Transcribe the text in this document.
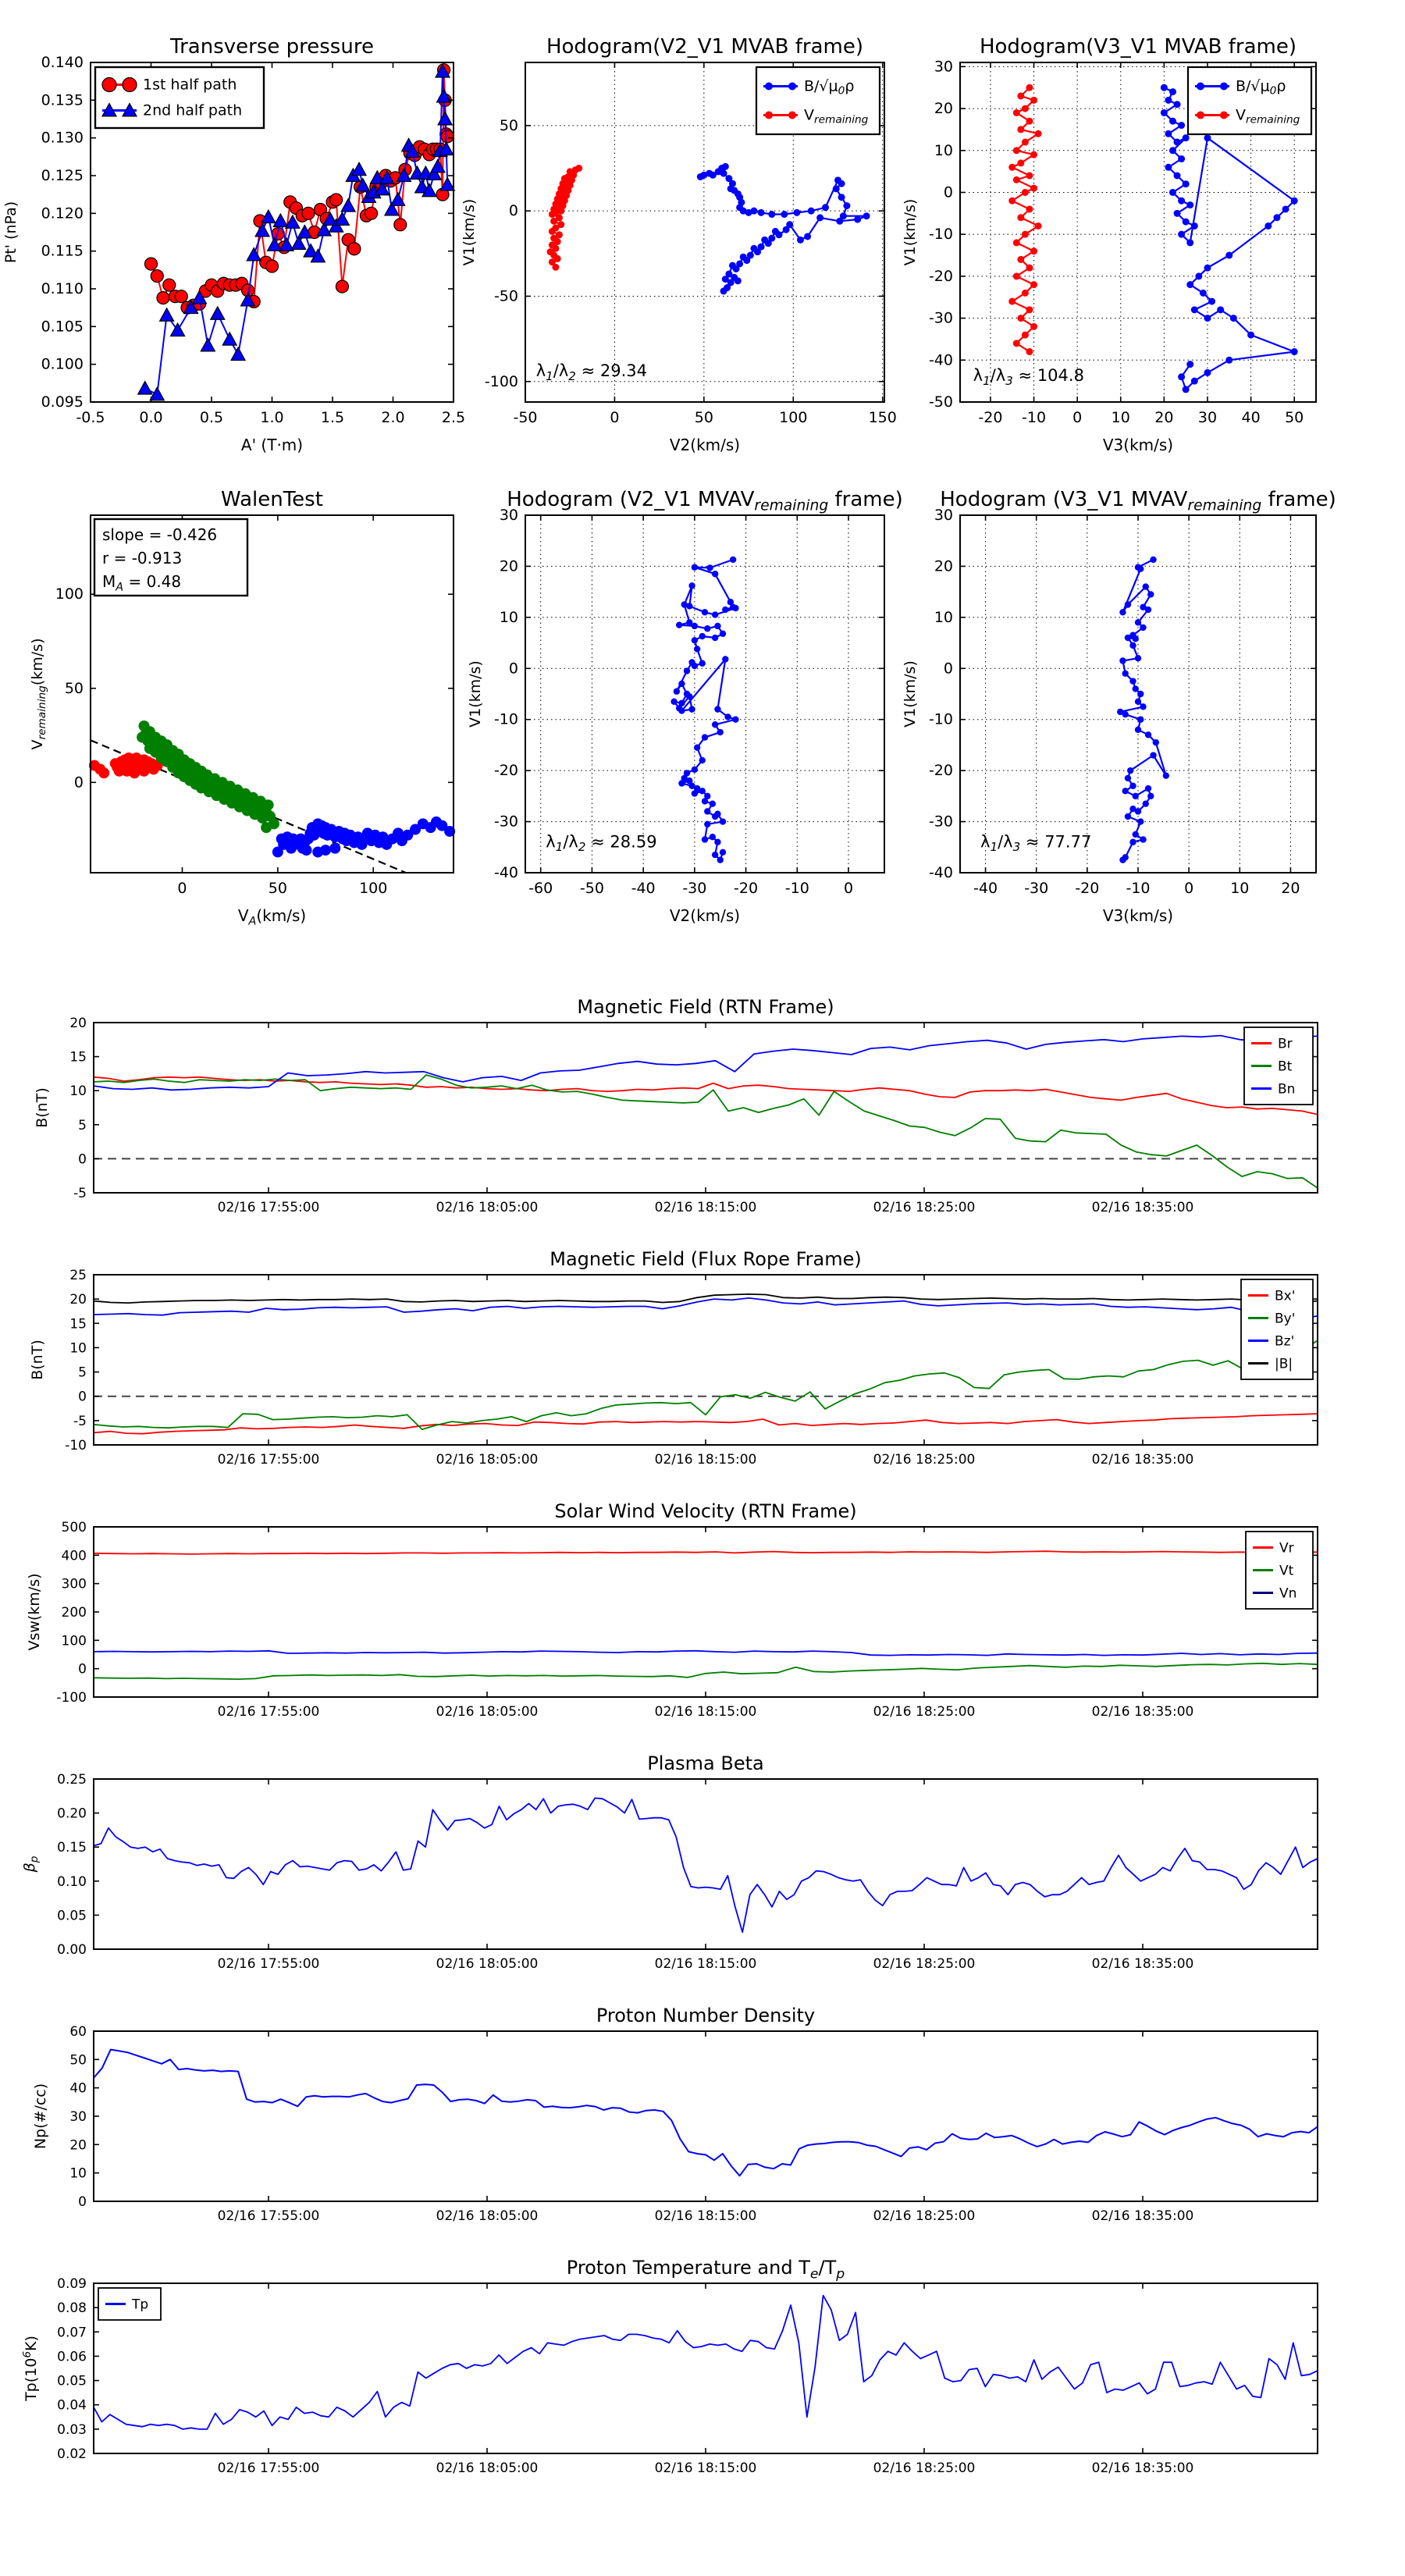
-0.5 0.0 0.5 1.0 1.5 2.0 2.5
0.095
0.100
0.105
0.110
0.115
0.120
0.125
0.130
0.135
0.140
Transverse pressure
A' (T·m)
Pt' (nPa)
1st half path
2nd half path
-50	0	50	100	150
-100
-50
0
50
Hodogram(V2_V1 MVAB frame)
V2(km/s)
V1(km/s)
$\lambda_1/\lambda_2 \approx 29.34$
$B/√\mu_0\rho$
$V_{remaining}$
-20 -10 0 10 20 30 40 50
-50
-40
-30
-20
-10
0
10
20
30
Hodogram(V3_V1 MVAB frame)
V3(km/s)
V1(km/s)
$\lambda_1/\lambda_3 \approx 104.8$
$B/√\mu_0\rho$
$V_{remaining}$
0	50	100
0
50
100
WalenTest
$V_A(km/s)$
$V_{remaining}(km/s)$
slope = -0.426
r = -0.913
$M_A = 0.48$
-60 -50 -40 -30 -20 -10 0
-40
-30
-20
-10
0
10
20
30
Hodogram (V2_V1 $MVAV_{remaining}$ frame)
V2(km/s)
V1(km/s)
$\lambda_1/\lambda_2 \approx 28.59$
-40 -30 -20 -10 0 10 20
-40
-30
-20
-10
0
10
20
30
Hodogram (V3_V1 $MVAV_{remaining}$ frame)
V3(km/s)
V1(km/s)
$\lambda_1/\lambda_3 \approx 77.77$
02/16 17:55:00	02/16 18:05:00	02/16 18:15:00	02/16 18:25:00	02/16 18:35:00
-5
0
5
10
15
20
Magnetic Field (RTN Frame)
B(nT)
Br
Bt
Bn
02/16 17:55:00	02/16 18:05:00	02/16 18:15:00	02/16 18:25:00	02/16 18:35:00
-10
-5
0
5
10
15
20
25
Magnetic Field (Flux Rope Frame)
B(nT)
Bx'
By'
Bz'
|B|
02/16 17:55:00	02/16 18:05:00	02/16 18:15:00	02/16 18:25:00	02/16 18:35:00
-100
0
100
200
300
400
500
Solar Wind Velocity (RTN Frame)
Vsw(km/s)
Vr
Vt
Vn
02/16 17:55:00	02/16 18:05:00	02/16 18:15:00	02/16 18:25:00	02/16 18:35:00
0.00
0.05
0.10
0.15
0.20
0.25
Plasma Beta
$\beta_p$
02/16 17:55:00	02/16 18:05:00	02/16 18:15:00	02/16 18:25:00	02/16 18:35:00
0
10
20
30
40
50
60
Proton Number Density
Np(#/cc)
02/16 17:55:00	02/16 18:05:00	02/16 18:15:00	02/16 18:25:00	02/16 18:35:00
0.02
0.03
0.04
0.05
0.06
0.07
0.08
0.09
Proton Temperature and $T_e/T_p$
$Tp(10^6K)$
Tp
